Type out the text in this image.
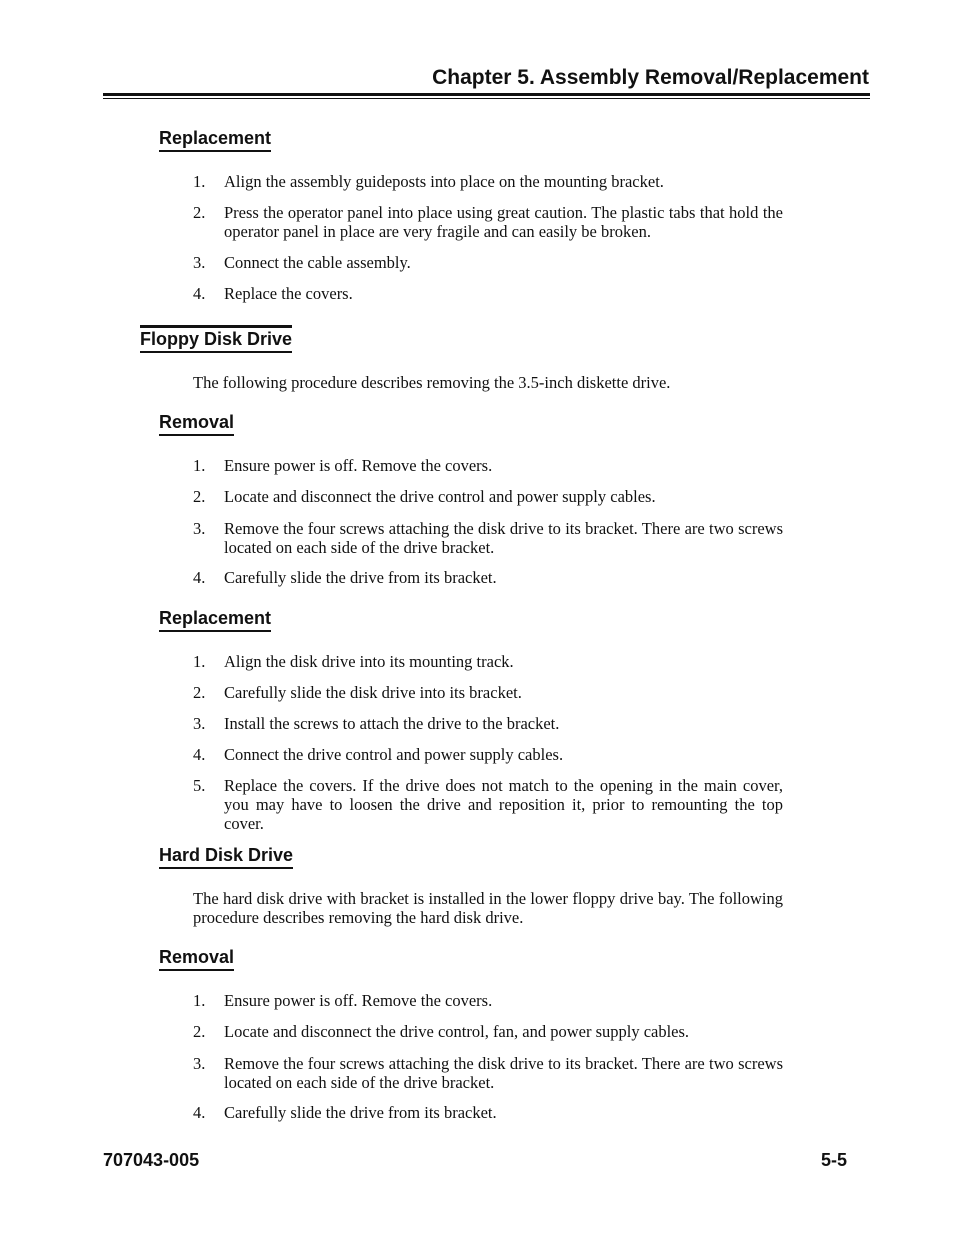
Chapter 5. Assembly Removal/Replacement
Replacement
1.	Align the assembly guideposts into place on the mounting bracket.
2.	Press the operator panel into place using great caution. The plastic tabs that hold the operator panel in place are very fragile and can easily be broken.
3.	Connect the cable assembly.
4.	Replace the covers.
Floppy Disk Drive
The following procedure describes removing the 3.5-inch diskette drive.
Removal
1.	Ensure power is off. Remove the covers.
2.	Locate and disconnect the drive control and power supply cables.
3.	Remove the four screws attaching the disk drive to its bracket. There are two screws located on each side of the drive bracket.
4.	Carefully slide the drive from its bracket.
Replacement
1.	Align the disk drive into its mounting track.
2.	Carefully slide the disk drive into its bracket.
3.	Install the screws to attach the drive to the bracket.
4.	Connect the drive control and power supply cables.
5.	Replace the covers. If the drive does not match to the opening in the main cover, you may have to loosen the drive and reposition it, prior to remounting the top cover.
Hard Disk Drive
The hard disk drive with bracket is installed in the lower floppy drive bay. The following procedure describes removing the hard disk drive.
Removal
1.	Ensure power is off. Remove the covers.
2.	Locate and disconnect the drive control, fan, and power supply cables.
3.	Remove the four screws attaching the disk drive to its bracket. There are two screws located on each side of the drive bracket.
4.	Carefully slide the drive from its bracket.
707043-005	5-5
